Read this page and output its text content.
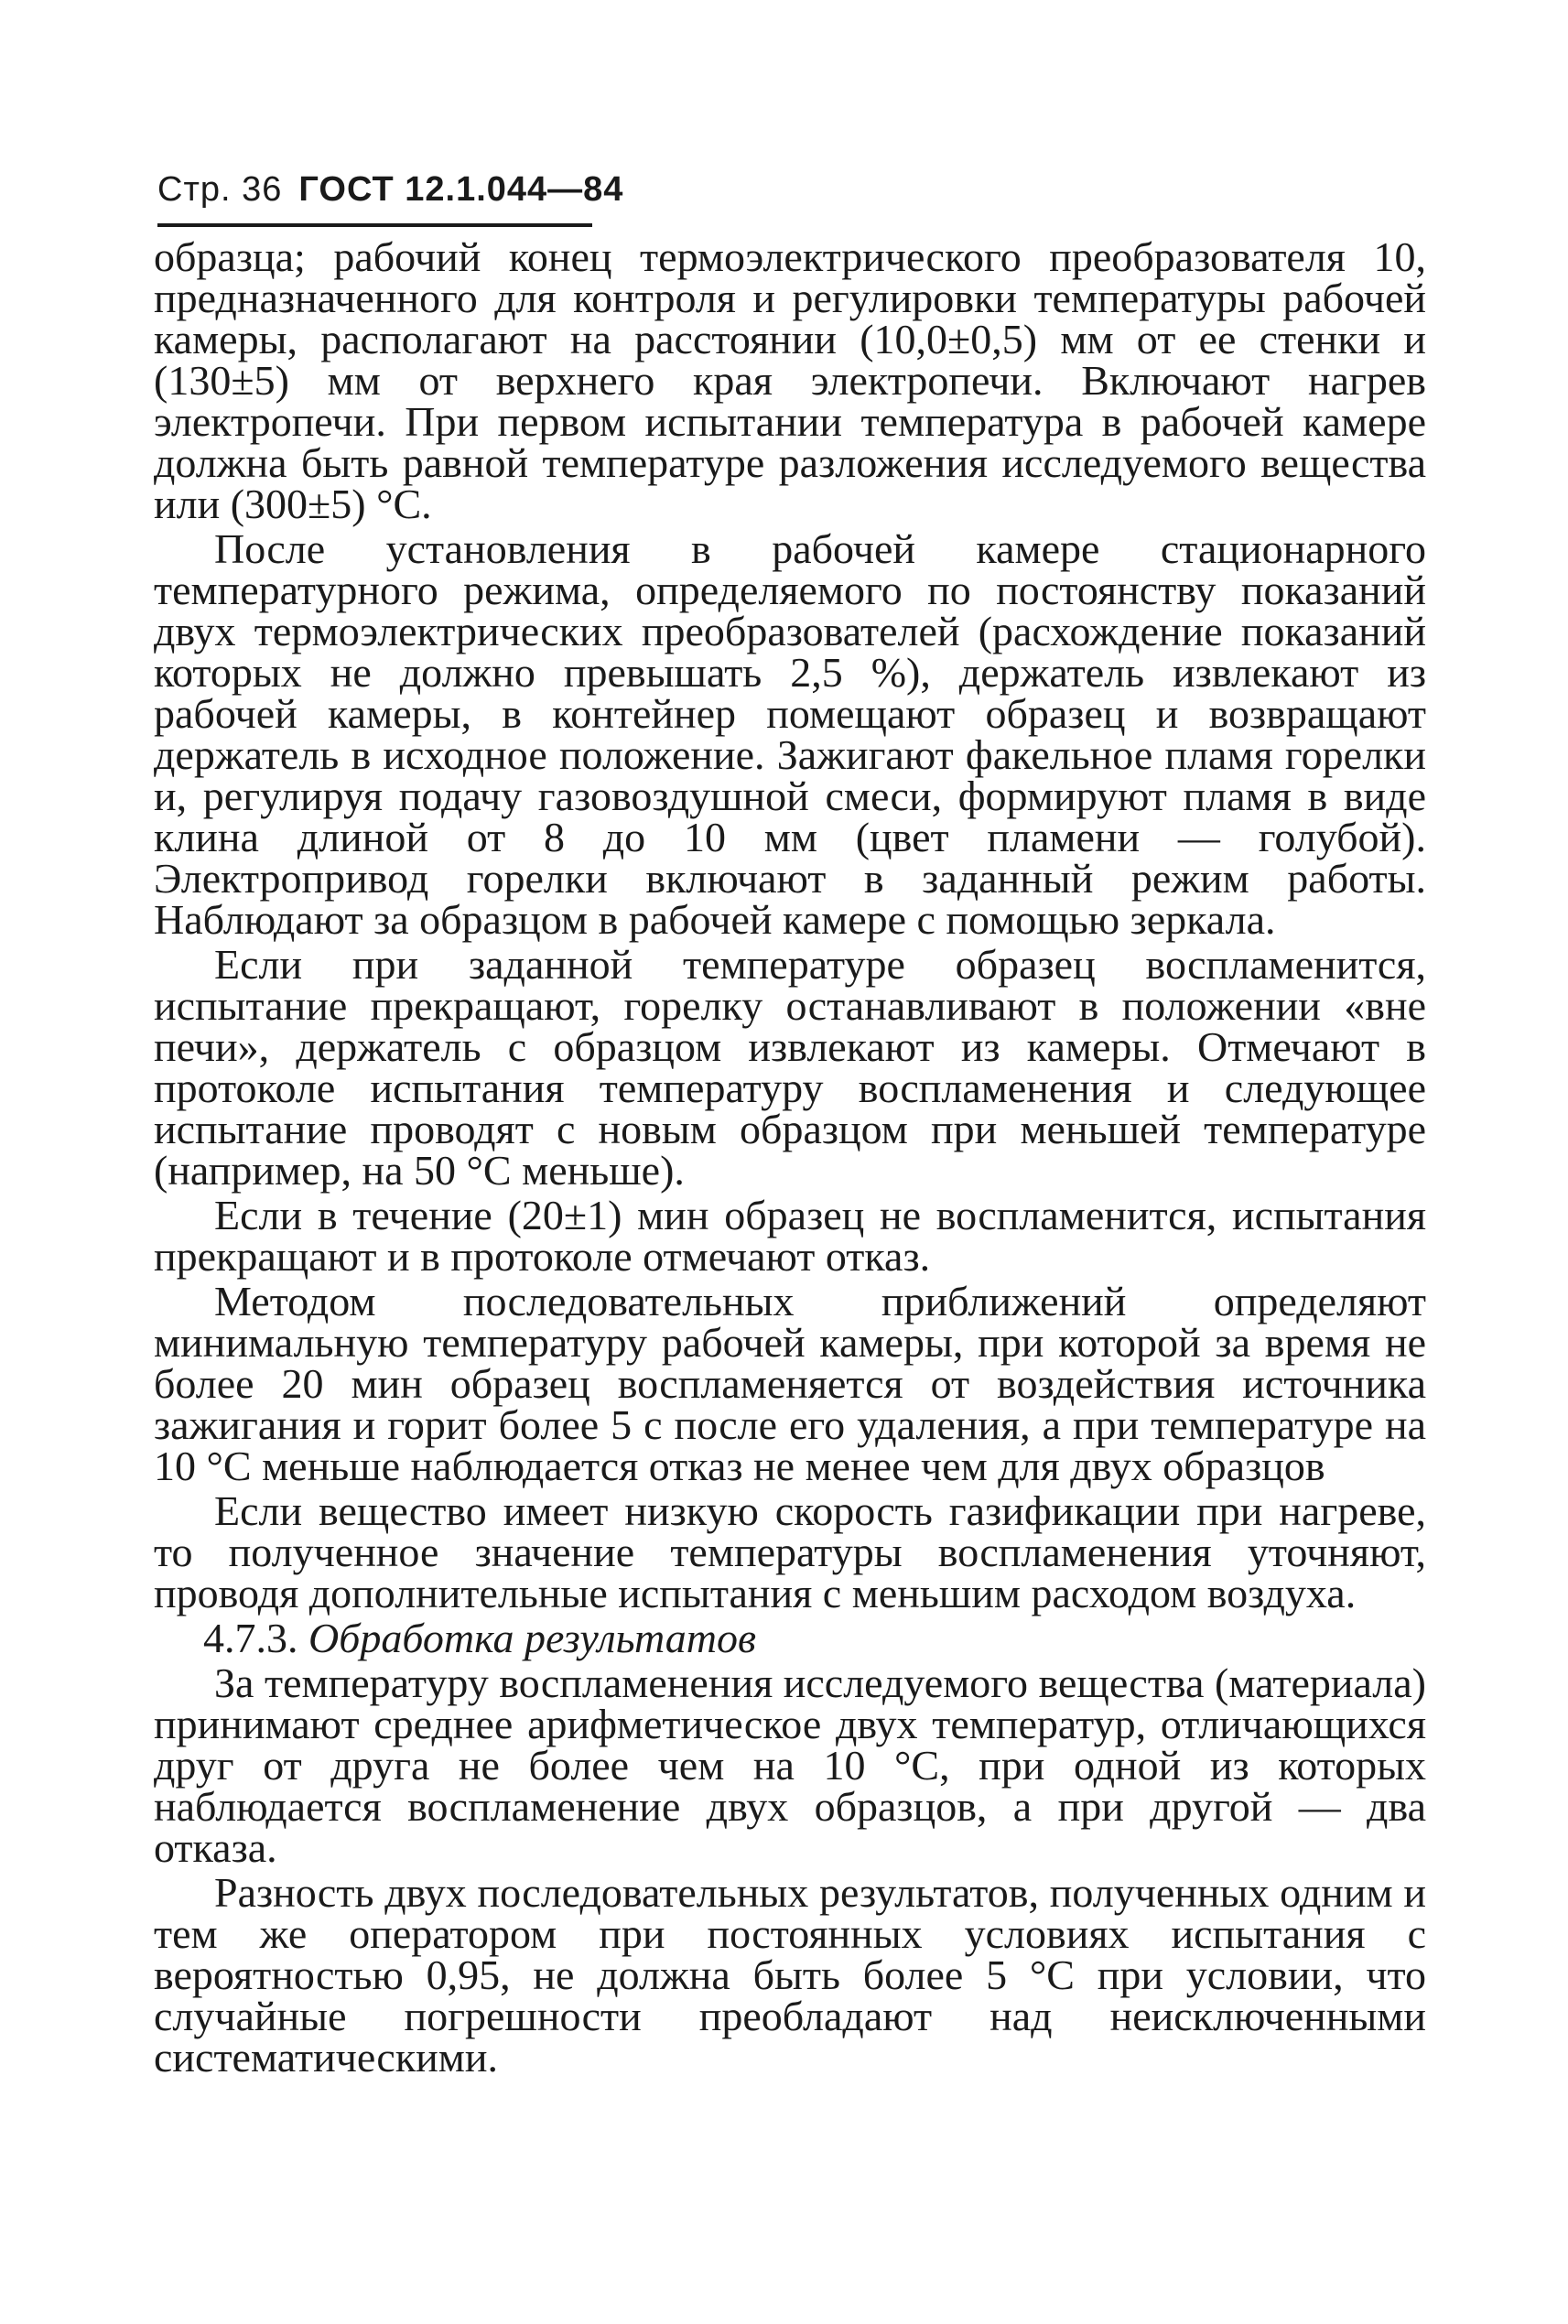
Стр. 36 ГОСТ 12.1.044—84

образца; рабочий конец термоэлектрического преобразователя 10, предназначенного для контроля и регулировки температуры рабочей камеры, располагают на расстоянии (10,0±0,5) мм от ее стенки и (130±5) мм от верхнего края электропечи. Включают нагрев электропечи. При первом испытании температура в рабочей камере должна быть равной температуре разложения исследуемого вещества или (300±5) °С.

После установления в рабочей камере стационарного температурного режима, определяемого по постоянству показаний двух термоэлектрических преобразователей (расхождение показаний которых не должно превышать 2,5 %), держатель извлекают из рабочей камеры, в контейнер помещают образец и возвращают держатель в исходное положение. Зажигают факельное пламя горелки и, регулируя подачу газовоздушной смеси, формируют пламя в виде клина длиной от 8 до 10 мм (цвет пламени — голубой). Электропривод горелки включают в заданный режим работы. Наблюдают за образцом в рабочей камере с помощью зеркала.

Если при заданной температуре образец воспламенится, испытание прекращают, горелку останавливают в положении «вне печи», держатель с образцом извлекают из камеры. Отмечают в протоколе испытания температуру воспламенения и следующее испытание проводят с новым образцом при меньшей температуре (например, на 50 °С меньше).

Если в течение (20±1) мин образец не воспламенится, испытания прекращают и в протоколе отмечают отказ.

Методом последовательных приближений определяют минимальную температуру рабочей камеры, при которой за время не более 20 мин образец воспламеняется от воздействия источника зажигания и горит более 5 с после его удаления, а при температуре на 10 °С меньше наблюдается отказ не менее чем для двух образцов

Если вещество имеет низкую скорость газификации при нагреве, то полученное значение температуры воспламенения уточняют, проводя дополнительные испытания с меньшим расходом воздуха.

4.7.3. Обработка результатов

За температуру воспламенения исследуемого вещества (материала) принимают среднее арифметическое двух температур, отличающихся друг от друга не более чем на 10 °С, при одной из которых наблюдается воспламенение двух образцов, а при другой — два отказа.

Разность двух последовательных результатов, полученных одним и тем же оператором при постоянных условиях испытания с вероятностью 0,95, не должна быть более 5 °С при условии, что случайные погрешности преобладают над неисключенными систематическими.
